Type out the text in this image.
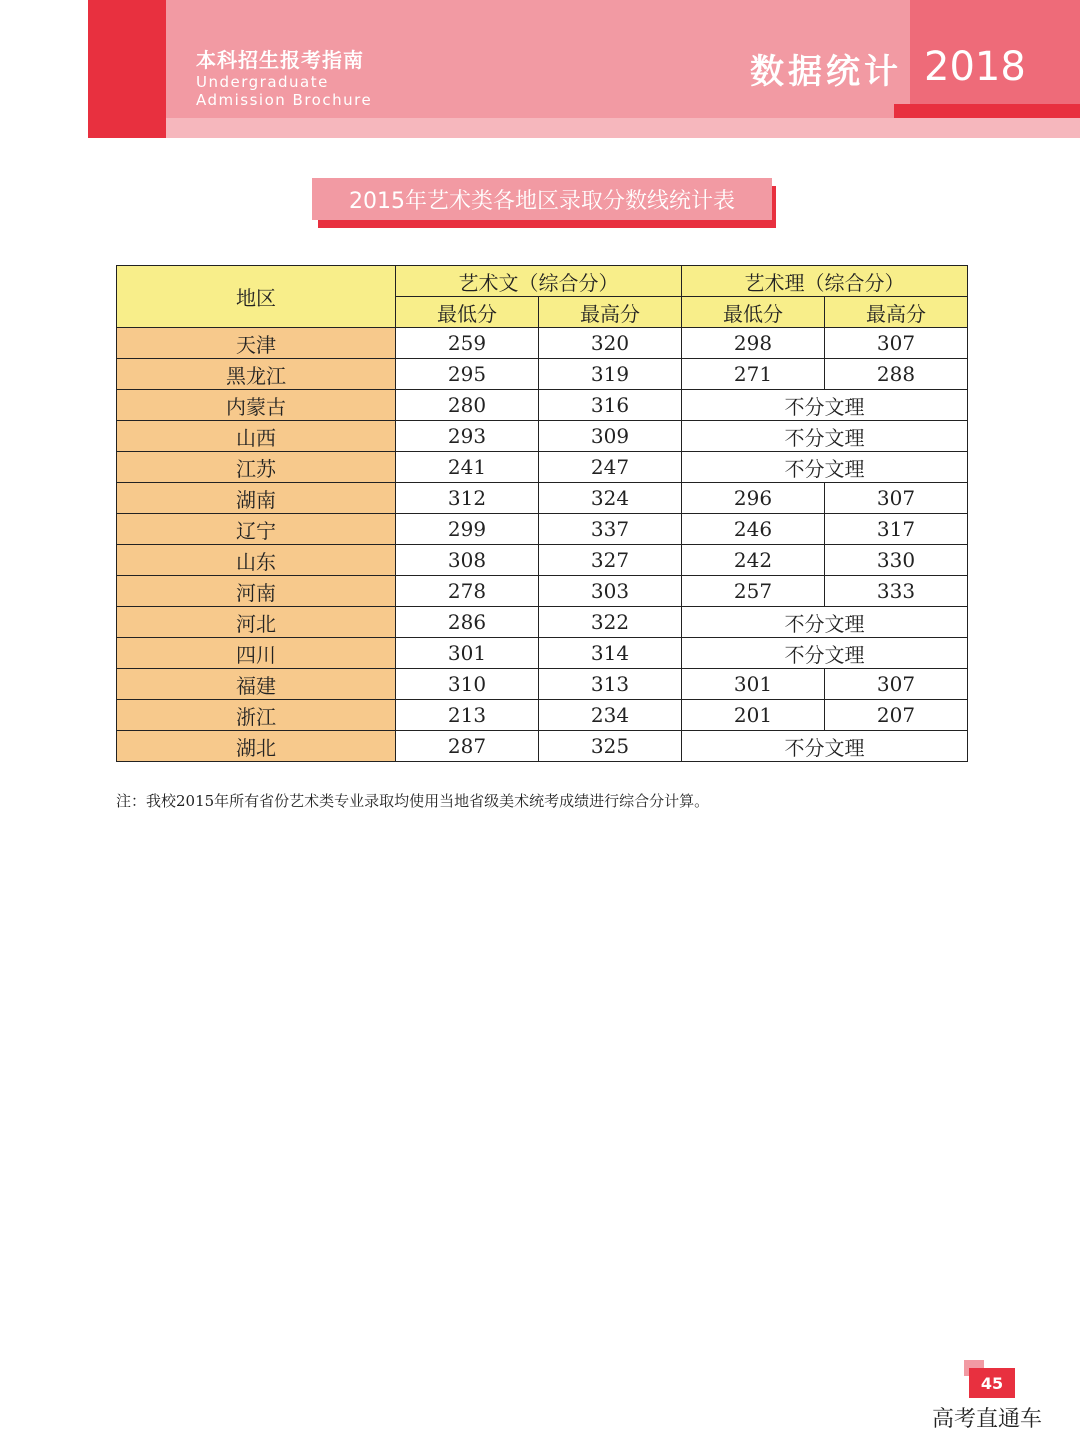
本科招生报考指南
Undergraduate
Admission Brochure
数据统计 2018
2015年艺术类各地区录取分数线统计表
地区	艺术文（综合分）		艺术理（综合分）	
	最低分	最高分	最低分	最高分
天津	259	320	298	307
黑龙江	295	319	271	288
内蒙古	280	316	不分文理	
山西	293	309	不分文理	
江苏	241	247	不分文理	
湖南	312	324	296	307
辽宁	299	337	246	317
山东	308	327	242	330
河南	278	303	257	333
河北	286	322	不分文理	
四川	301	314	不分文理	
福建	310	313	301	307
浙江	213	234	201	207
湖北	287	325	不分文理	
注：我校2015年所有省份艺术类专业录取均使用当地省级美术统考成绩进行综合分计算。
45
高考直通车
